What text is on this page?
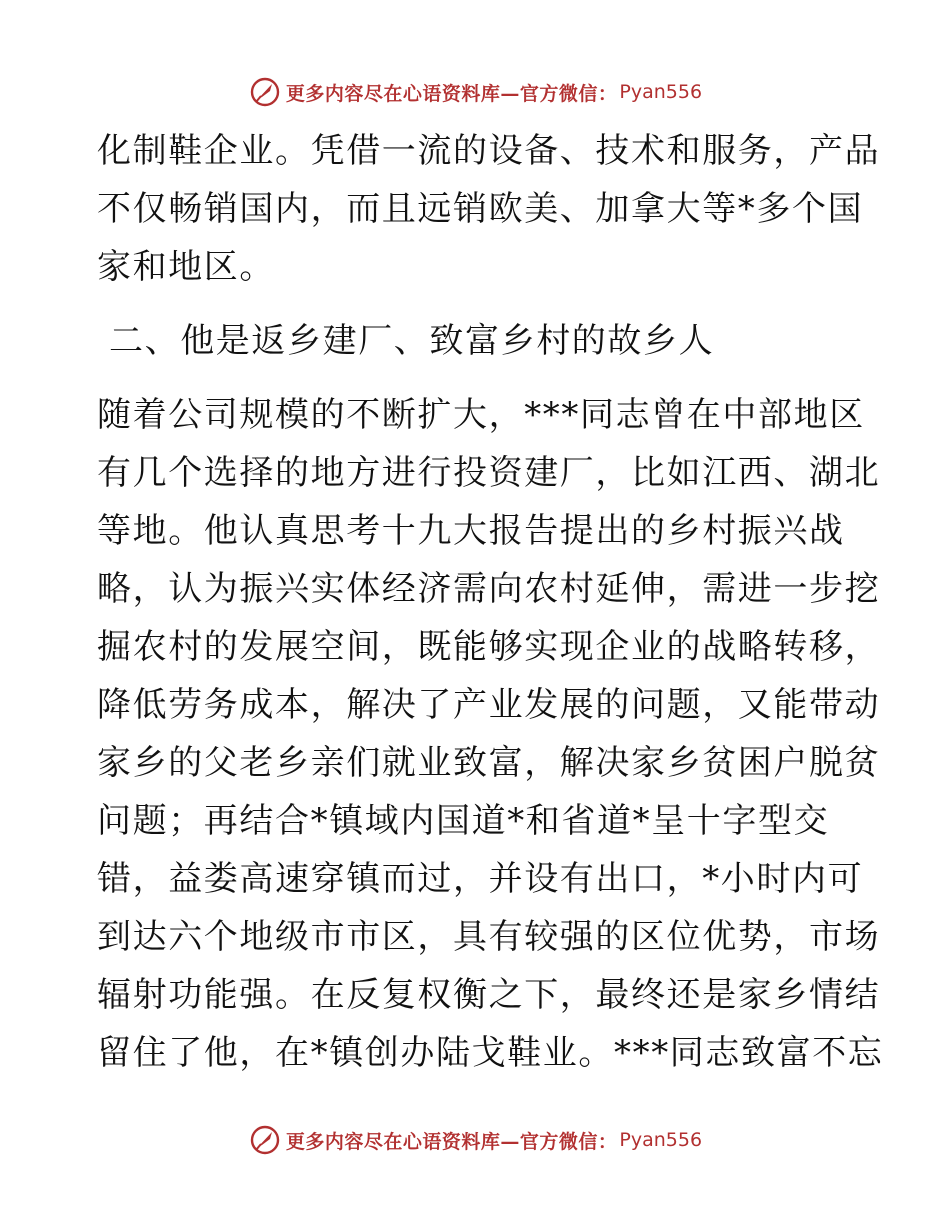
更多内容尽在心语资料库—官方微信： Pyan556
化制鞋企业。凭借一流的设备、技术和服务，产品
不仅畅销国内，而且远销欧美、加拿大等*多个国
家和地区。
二、他是返乡建厂、致富乡村的故乡人
随着公司规模的不断扩大，***同志曾在中部地区
有几个选择的地方进行投资建厂，比如江西、湖北
等地。他认真思考十九大报告提出的乡村振兴战
略，认为振兴实体经济需向农村延伸，需进一步挖
掘农村的发展空间，既能够实现企业的战略转移，
降低劳务成本，解决了产业发展的问题，又能带动
家乡的父老乡亲们就业致富，解决家乡贫困户脱贫
问题；再结合*镇域内国道*和省道*呈十字型交
错，益娄高速穿镇而过，并设有出口，*小时内可
到达六个地级市市区，具有较强的区位优势，市场
辐射功能强。在反复权衡之下，最终还是家乡情结
留住了他，在*镇创办陆戈鞋业。***同志致富不忘
更多内容尽在心语资料库—官方微信： Pyan556
